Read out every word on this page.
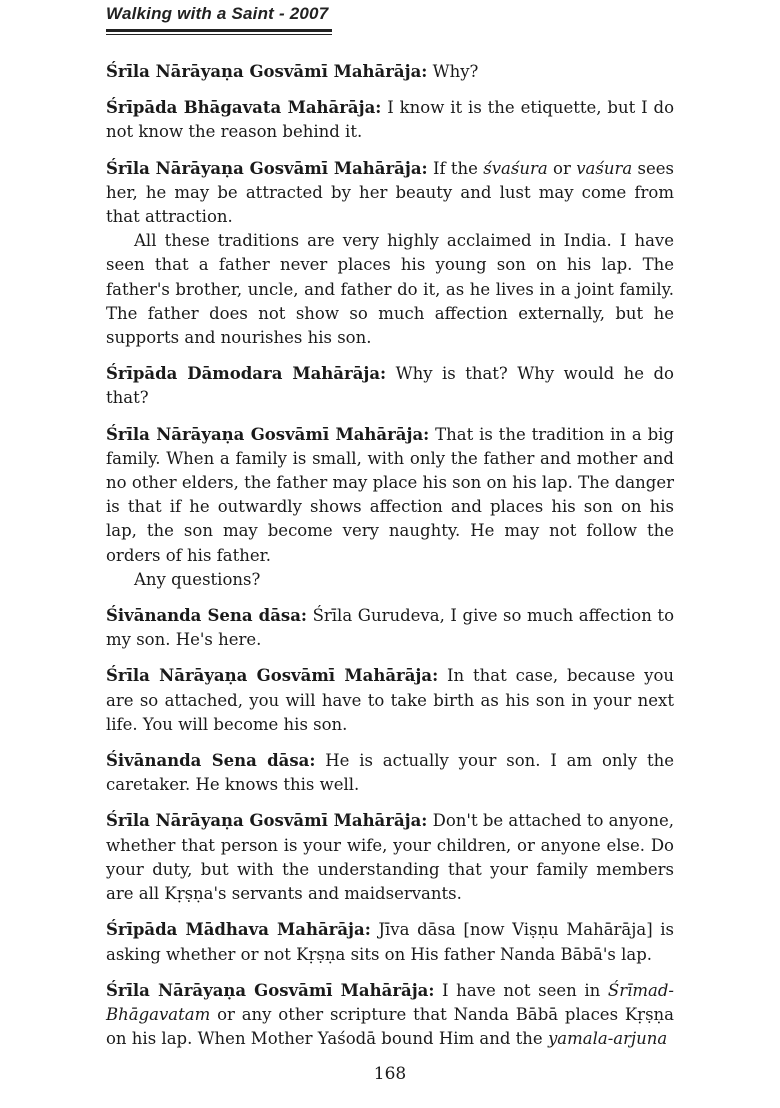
Walking with a Saint - 2007

Śrīla Nārāyaṇa Gosvāmī Mahārāja: Why?

Śrīpāda Bhāgavata Mahārāja: I know it is the etiquette, but I do not know the reason behind it.

Śrīla Nārāyaṇa Gosvāmī Mahārāja: If the śvaśura or vaśura sees her, he may be attracted by her beauty and lust may come from that attraction.

All these traditions are very highly acclaimed in India. I have seen that a father never places his young son on his lap. The father's brother, uncle, and father do it, as he lives in a joint family. The father does not show so much affection externally, but he supports and nourishes his son.

Śrīpāda Dāmodara Mahārāja: Why is that? Why would he do that?

Śrīla Nārāyaṇa Gosvāmī Mahārāja: That is the tradition in a big family. When a family is small, with only the father and mother and no other elders, the father may place his son on his lap. The danger is that if he outwardly shows affection and places his son on his lap, the son may become very naughty. He may not follow the orders of his father.

Any questions?

Śivānanda Sena dāsa: Śrīla Gurudeva, I give so much affection to my son. He's here.

Śrīla Nārāyaṇa Gosvāmī Mahārāja: In that case, because you are so attached, you will have to take birth as his son in your next life. You will become his son.

Śivānanda Sena dāsa: He is actually your son. I am only the caretaker. He knows this well.

Śrīla Nārāyaṇa Gosvāmī Mahārāja: Don't be attached to anyone, whether that person is your wife, your children, or anyone else. Do your duty, but with the understanding that your family members are all Kṛṣṇa's servants and maidservants.

Śrīpāda Mādhava Mahārāja: Jīva dāsa [now Viṣṇu Mahārāja] is asking whether or not Kṛṣṇa sits on His father Nanda Bābā's lap.

Śrīla Nārāyaṇa Gosvāmī Mahārāja: I have not seen in Śrīmad-Bhāgavatam or any other scripture that Nanda Bābā places Kṛṣṇa on his lap. When Mother Yaśodā bound Him and the yamala-arjuna

168
